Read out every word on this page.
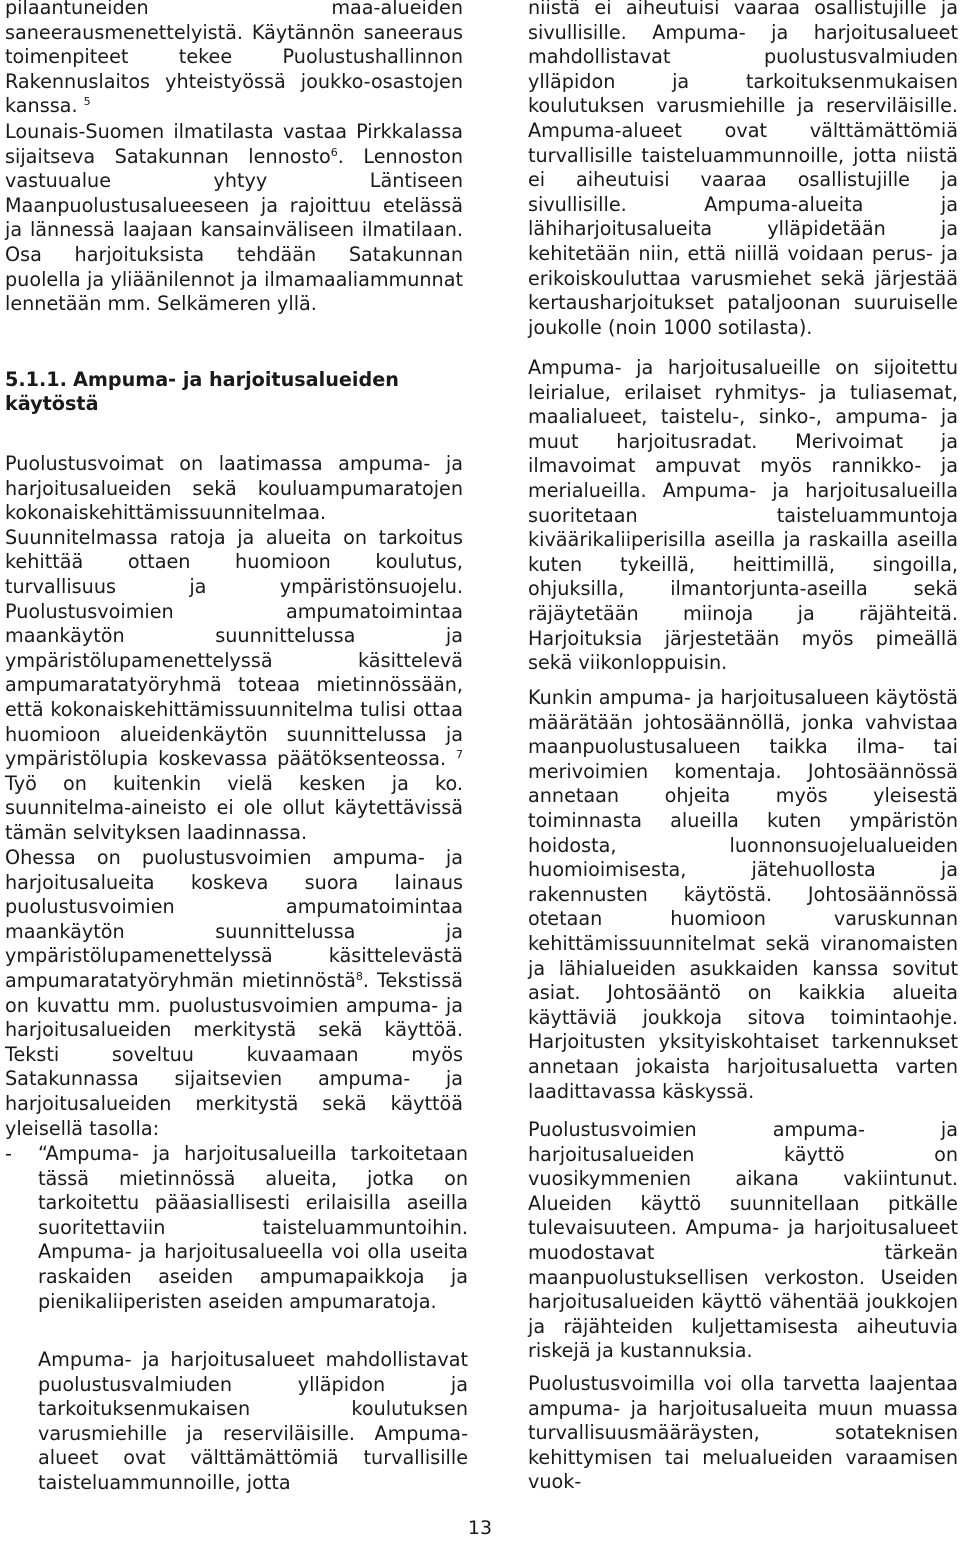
pilaantuneiden maa-alueiden saneerausmenettelyistä. Käytännön saneeraus toimenpiteet tekee Puolustushallinnon Rakennuslaitos yhteistyössä joukko-osastojen kanssa. $^5$

Lounais-Suomen ilmatilasta vastaa Pirkkalassa sijaitseva Satakunnan lennosto$^6$. Lennoston vastuualue yhtyy Läntiseen Maanpuolustusalueeseen ja rajoittuu etelässä ja lännessä laajaan kansainväliseen ilmatilaan. Osa harjoituksista tehdään Satakunnan puolella ja yliäänilennot ja ilmamaaliammunnat lennetään mm. Selkämeren yllä.

5.1.1. Ampuma- ja harjoitusalueiden käytöstä

Puolustusvoimat on laatimassa ampuma- ja harjoitusalueiden sekä kouluampumaratojen kokonaiskehittämissuunnitelmaa. Suunnitelmassa ratoja ja alueita on tarkoitus kehittää ottaen huomioon koulutus, turvallisuus ja ympäristönsuojelu. Puolustusvoimien ampumatoimintaa maankäytön suunnittelussa ja ympäristölupamenettelyssä käsittelevä ampumaratatyöryhmä toteaa mietinnössään, että kokonaiskehittämissuunnitelma tulisi ottaa huomioon alueidenkäytön suunnittelussa ja ympäristölupia koskevassa päätöksenteossa. $^7$ Työ on kuitenkin vielä kesken ja ko. suunnitelma-aineisto ei ole ollut käytettävissä tämän selvityksen laadinnassa.

Ohessa on puolustusvoimien ampuma- ja harjoitusalueita koskeva suora lainaus puolustusvoimien ampumatoimintaa maankäytön suunnittelussa ja ympäristölupamenettelyssä käsittelevästä ampumaratatyöryhmän mietinnöstä$^8$. Tekstissä on kuvattu mm. puolustusvoimien ampuma- ja harjoitusalueiden merkitystä sekä käyttöä. Teksti soveltuu kuvaamaan myös Satakunnassa sijaitsevien ampuma- ja harjoitusalueiden merkitystä sekä käyttöä yleisellä tasolla:

- “Ampuma- ja harjoitusalueilla tarkoitetaan tässä mietinnössä alueita, jotka on tarkoitettu pääasiallisesti erilaisilla aseilla suoritettaviin taisteluammuntoihin. Ampuma- ja harjoitusalueella voi olla useita raskaiden aseiden ampumapaikkoja ja pienikaliiperisten aseiden ampumaratoja.

Ampuma- ja harjoitusalueet mahdollistavat puolustusvalmiuden ylläpidon ja tarkoituksenmukaisen koulutuksen varusmiehille ja reserviläisille. Ampuma-alueet ovat välttämättömiä turvallisille taisteluammunnoille, jotta

niistä ei aiheutuisi vaaraa osallistujille ja sivullisille. Ampuma- ja harjoitusalueet mahdollistavat puolustusvalmiuden ylläpidon ja tarkoituksenmukaisen koulutuksen varusmiehille ja reserviläisille. Ampuma-alueet ovat välttämättömiä turvallisille taisteluammunnoille, jotta niistä ei aiheutuisi vaaraa osallistujille ja sivullisille. Ampuma-alueita ja lähiharjoitusalueita ylläpidetään ja kehitetään niin, että niillä voidaan perus- ja erikoiskouluttaa varusmiehet sekä järjestää kertausharjoitukset pataljoonan suuruiselle joukolle (noin 1000 sotilasta).

Ampuma- ja harjoitusalueille on sijoitettu leirialue, erilaiset ryhmitys- ja tuliasemat, maalialueet, taistelu-, sinko-, ampuma- ja muut harjoitusradat. Merivoimat ja ilmavoimat ampuvat myös rannikko- ja merialueilla. Ampuma- ja harjoitusalueilla suoritetaan taisteluammuntoja kiväärikaliiperisilla aseilla ja raskailla aseilla kuten tykeillä, heittimillä, singoilla, ohjuksilla, ilmantorjunta-aseilla sekä räjäytetään miinoja ja räjähteitä. Harjoituksia järjestetään myös pimeällä sekä viikonloppuisin.

Kunkin ampuma- ja harjoitusalueen käytöstä määrätään johtosäännöllä, jonka vahvistaa maanpuolustusalueen taikka ilma- tai merivoimien komentaja. Johtosäännössä annetaan ohjeita myös yleisestä toiminnasta alueilla kuten ympäristön hoidosta, luonnonsuojelualueiden huomioimisesta, jätehuollosta ja rakennusten käytöstä. Johtosäännössä otetaan huomioon varuskunnan kehittämissuunnitelmat sekä viranomaisten ja lähialueiden asukkaiden kanssa sovitut asiat. Johtosääntö on kaikkia alueita käyttäviä joukkoja sitova toimintaohje. Harjoitusten yksityiskohtaiset tarkennukset annetaan jokaista harjoitusaluetta varten laadittavassa käskyssä.

Puolustusvoimien ampuma- ja harjoitusalueiden käyttö on vuosikymmenien aikana vakiintunut. Alueiden käyttö suunnitellaan pitkälle tulevaisuuteen. Ampuma- ja harjoitusalueet muodostavat tärkeän maanpuolustuksellisen verkoston. Useiden harjoitusalueiden käyttö vähentää joukkojen ja räjähteiden kuljettamisesta aiheutuvia riskejä ja kustannuksia.

Puolustusvoimilla voi olla tarvetta laajentaa ampuma- ja harjoitusalueita muun muassa turvallisuusmääräysten, sotateknisen kehittymisen tai melualueiden varaamisen vuok-

13
